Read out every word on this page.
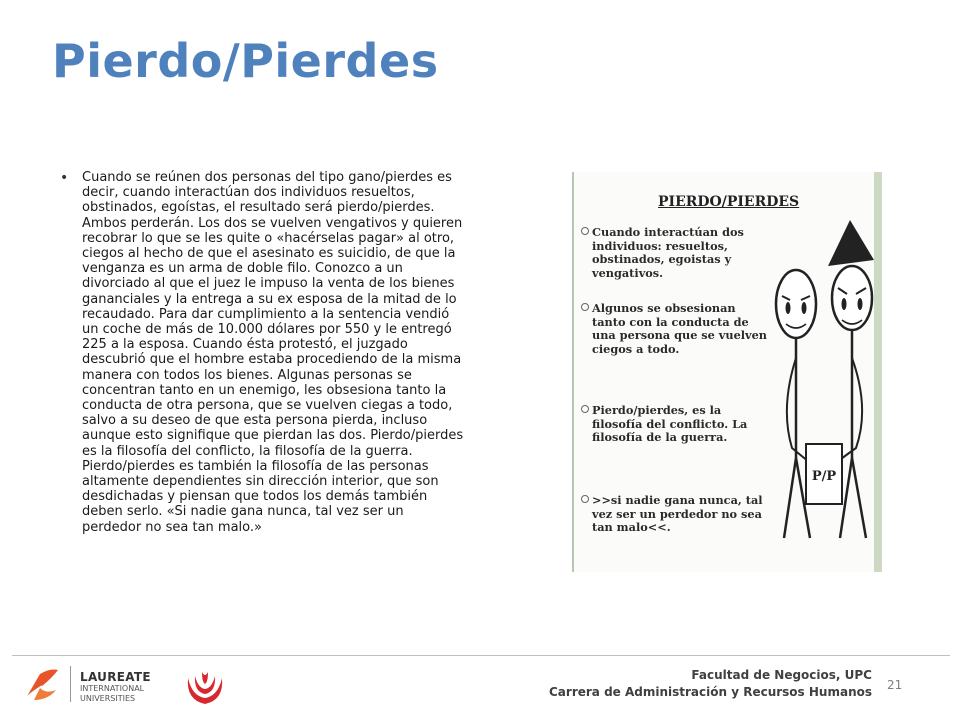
Pierdo/Pierdes
• Cuando se reúnen dos personas del tipo gano/pierdes es decir, cuando interactúan dos individuos resueltos, obstinados, egoístas, el resultado será pierdo/pierdes. Ambos perderán. Los dos se vuelven vengativos y quieren recobrar lo que se les quite o «hacérselas pagar» al otro, ciegos al hecho de que el asesinato es suicidio, de que la venganza es un arma de doble filo. Conozco a un divorciado al que el juez le impuso la venta de los bienes gananciales y la entrega a su ex esposa de la mitad de lo recaudado. Para dar cumplimiento a la sentencia vendió un coche de más de 10.000 dólares por 550 y le entregó 225 a la esposa. Cuando ésta protestó, el juzgado descubrió que el hombre estaba procediendo de la misma manera con todos los bienes. Algunas personas se concentran tanto en un enemigo, les obsesiona tanto la conducta de otra persona, que se vuelven ciegas a todo, salvo a su deseo de que esta persona pierda, incluso aunque esto signifique que pierdan las dos. Pierdo/pierdes es la filosofía del conflicto, la filosofía de la guerra. Pierdo/pierdes es también la filosofía de las personas altamente dependientes sin dirección interior, que son desdichadas y piensan que todos los demás también deben serlo. «Si nadie gana nunca, tal vez ser un perdedor no sea tan malo.»
PIERDO/PIERDES
Cuando interactúan dos individuos: resueltos, obstinados, egoistas y vengativos.
Algunos se obsesionan tanto con la conducta de una persona que se vuelven ciegos a todo.
Pierdo/pierdes, es la filosofía del conflicto. La filosofía de la guerra.
>>si nadie gana nunca, tal vez ser un perdedor no sea tan malo<<.
P/P
LAUREATE
INTERNATIONAL
UNIVERSITIES
Facultad de Negocios, UPC
Carrera de Administración y Recursos Humanos 21
